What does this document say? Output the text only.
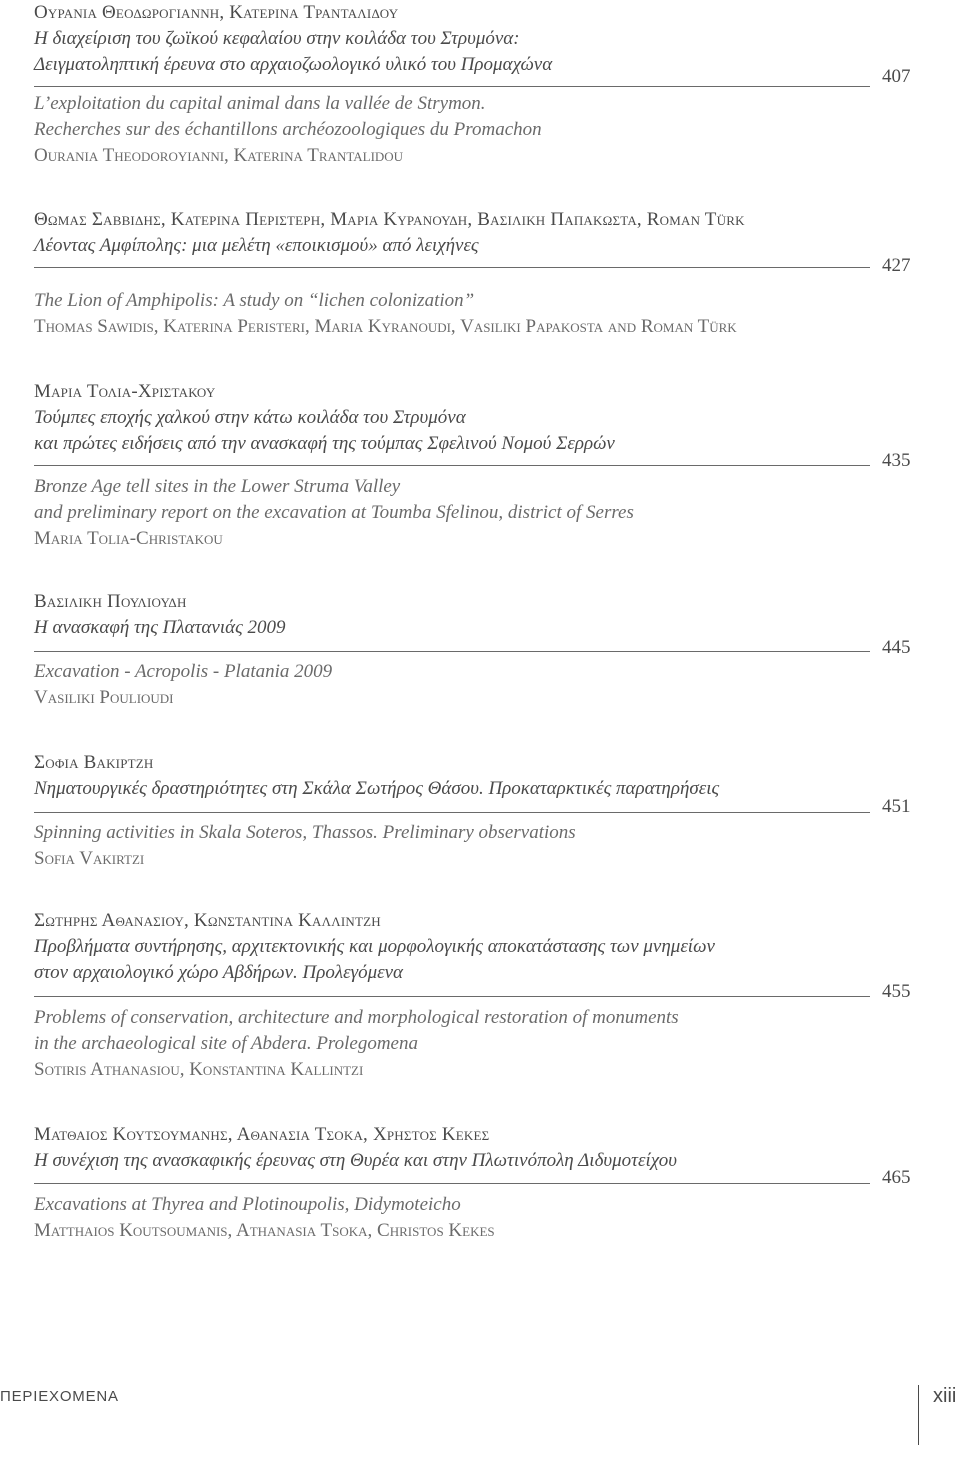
Ουρανια Θεοδωρογιαννη, Κατερινα Τρανταλιδου
Η διαχείριση του ζωϊκού κεφαλαίου στην κοιλάδα του Στρυμόνα:
Δειγματοληπτική έρευνα στο αρχαιοζωολογικό υλικό του Προμαχώνα
407
L’exploitation du capital animal dans la vallée de Strymon.
Recherches sur des échantillons archéozoologiques du Promachon
Ourania Theodoroyianni, Katerina Trantalidou
Θωμας Σαββιδης, Κατερινα Περιστερη, Μαρια Κυρανουδη, Βασιλικη Παπακωστα, Roman Türk
Λέοντας Αμφίπολης: μια μελέτη «εποικισμού» από λειχήνες
427
The Lion of Amphipolis: A study on “lichen colonization”
Thomas Sawidis, Katerina Peristeri, Maria Kyranoudi, Vasiliki Papakosta and Roman Türk
Μαρια Τολια-Χριστακου
Τούμπες εποχής χαλκού στην κάτω κοιλάδα του Στρυμόνα
και πρώτες ειδήσεις από την ανασκαφή της τούμπας Σφελινού Νομού Σερρών
435
Bronze Age tell sites in the Lower Struma Valley
and preliminary report on the excavation at Toumba Sfelinou, district of Serres
Maria Tolia-Christakou
Βασιλικη Πουλιουδη
Η ανασκαφή της Πλατανιάς 2009
445
Excavation - Acropolis - Platania 2009
Vasiliki Poulioudi
Σοφια Βακιρτζη
Νηματουργικές δραστηριότητες στη Σκάλα Σωτήρος Θάσου. Προκαταρκτικές παρατηρήσεις
451
Spinning activities in Skala Soteros, Thassos. Preliminary observations
Sofia Vakirtzi
Σωτηρης Αθανασιου, Κωνσταντινα Καλλιντζη
Προβλήματα συντήρησης, αρχιτεκτονικής και μορφολογικής αποκατάστασης των μνημείων
στον αρχαιολογικό χώρο Αβδήρων. Προλεγόμενα
455
Problems of conservation, architecture and morphological restoration of monuments
in the archaeological site of Abdera. Prolegomena
Sotiris Athanasiou, Konstantina Kallintzi
Ματθαιος Κουτσουμανης, Αθανασια Τσοκα, Χρηστος Κεκες
Η συνέχιση της ανασκαφικής έρευνας στη Θυρέα και στην Πλωτινόπολη Διδυμοτείχου
465
Excavations at Thyrea and Plotinoupolis, Didymoteicho
Matthaios Koutsoumanis, Athanasia Tsoka, Christos Kekes
ΠΕΡΙΕΧΟΜΕΝΑ	xiii
